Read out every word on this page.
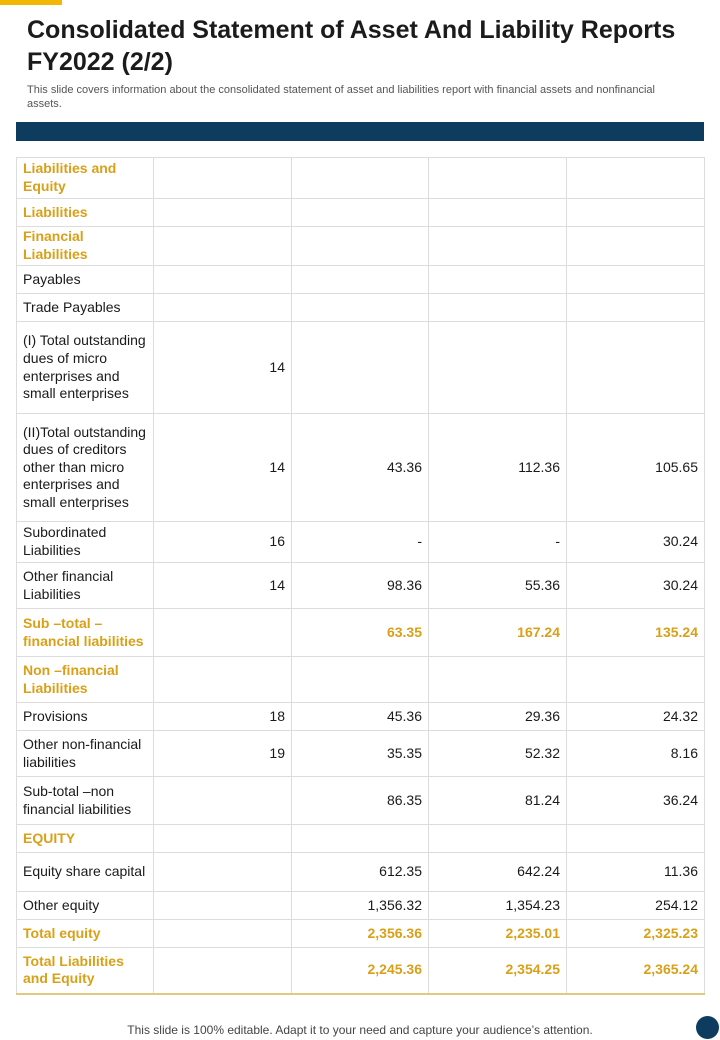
Consolidated Statement of Asset And Liability Reports FY2022 (2/2)
This slide covers information about the consolidated statement of asset and liabilities report with financial assets and nonfinancial assets.
Liabilities and Equity				
Liabilities				
Financial Liabilities				
Payables				
Trade Payables				
(I) Total outstanding dues of micro enterprises and small enterprises	14			
(II)Total outstanding dues of creditors other than micro enterprises and small enterprises	14	43.36	112.36	105.65
Subordinated Liabilities	16	-	-	30.24
Other financial Liabilities	14	98.36	55.36	30.24
Sub –total – financial liabilities		63.35	167.24	135.24
Non –financial Liabilities				
Provisions	18	45.36	29.36	24.32
Other non-financial liabilities	19	35.35	52.32	8.16
Sub-total –non financial liabilities		86.35	81.24	36.24
EQUITY				
Equity share capital		612.35	642.24	11.36
Other equity		1,356.32	1,354.23	254.12
Total equity		2,356.36	2,235.01	2,325.23
Total Liabilities and Equity		2,245.36	2,354.25	2,365.24
This slide is 100% editable. Adapt it to your need and capture your audience’s attention.
